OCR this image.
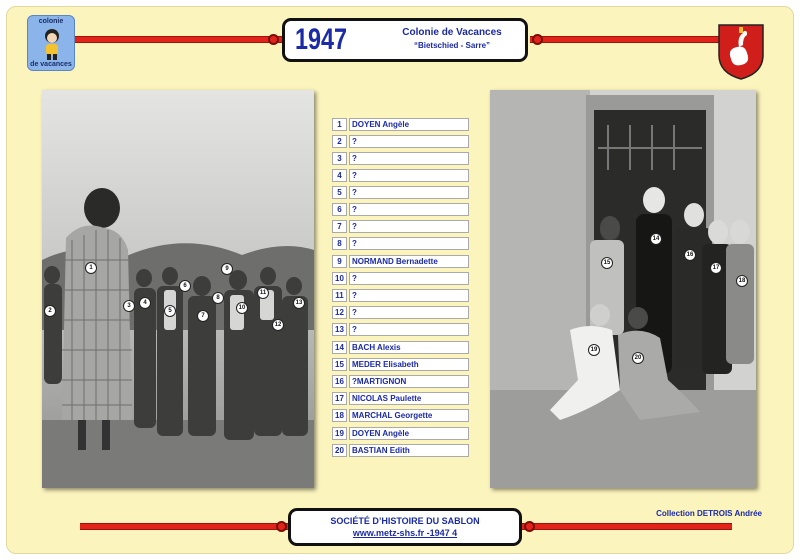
colonie
de vacances
1947	Colonie de Vacances
“Bietschied - Sarre”
1
2
3	4
5
6
7
8
9
10
11
12
13
14
15
16
17
18
19
20
1	DOYEN Angèle
2	?
3	?
4	?
5	?
6	?
7	?
8	?
9	NORMAND Bernadette
10	?
11	?
12	?
13	?
14	BACH Alexis
15	MEDER Elisabeth
16	?MARTIGNON
17	NICOLAS Paulette
18	MARCHAL Georgette
19	DOYEN Angèle
20	BASTIAN Edith
Collection DETROIS Andrée
SOCIÉTÉ D’HISTOIRE DU SABLON
www.metz-shs.fr -1947 4
